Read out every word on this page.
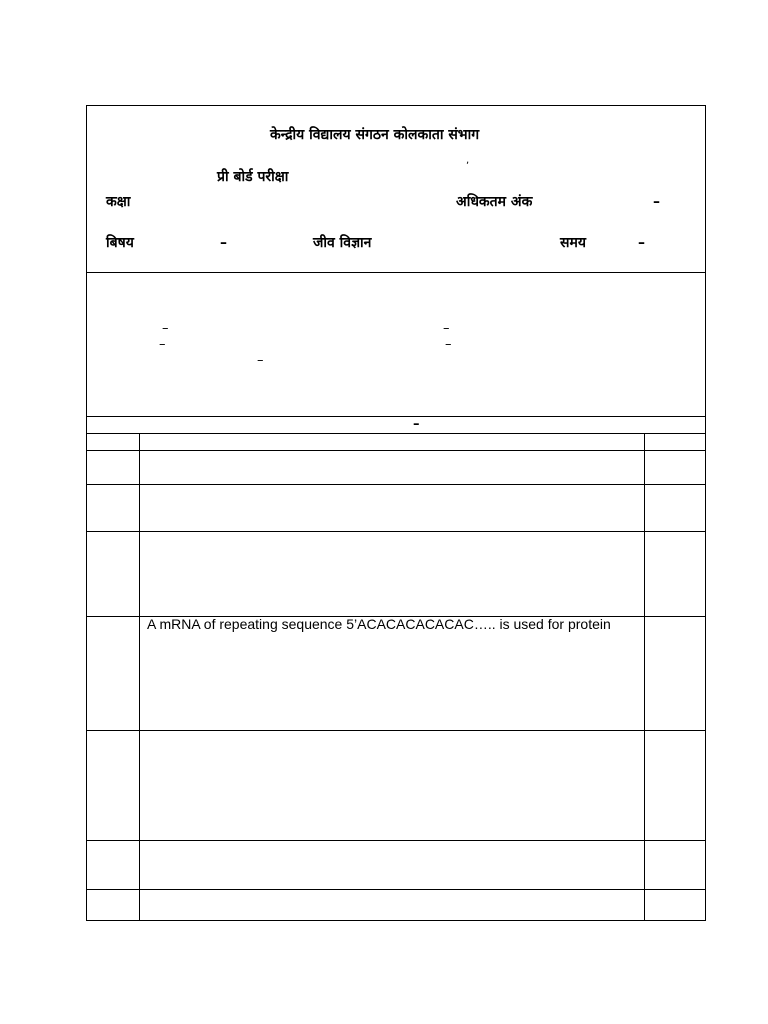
केन्द्रीय विद्यालय संगठन कोलकाता संभाग
,
प्री बोर्ड परीक्षा
कक्षा	अधिकतम अंक	–
बिषय	–	जीव विज्ञान	समय	–
–	–
–	–
–
–
A mRNA of repeating sequence 5’ACACACACACAC….. is used for protein
